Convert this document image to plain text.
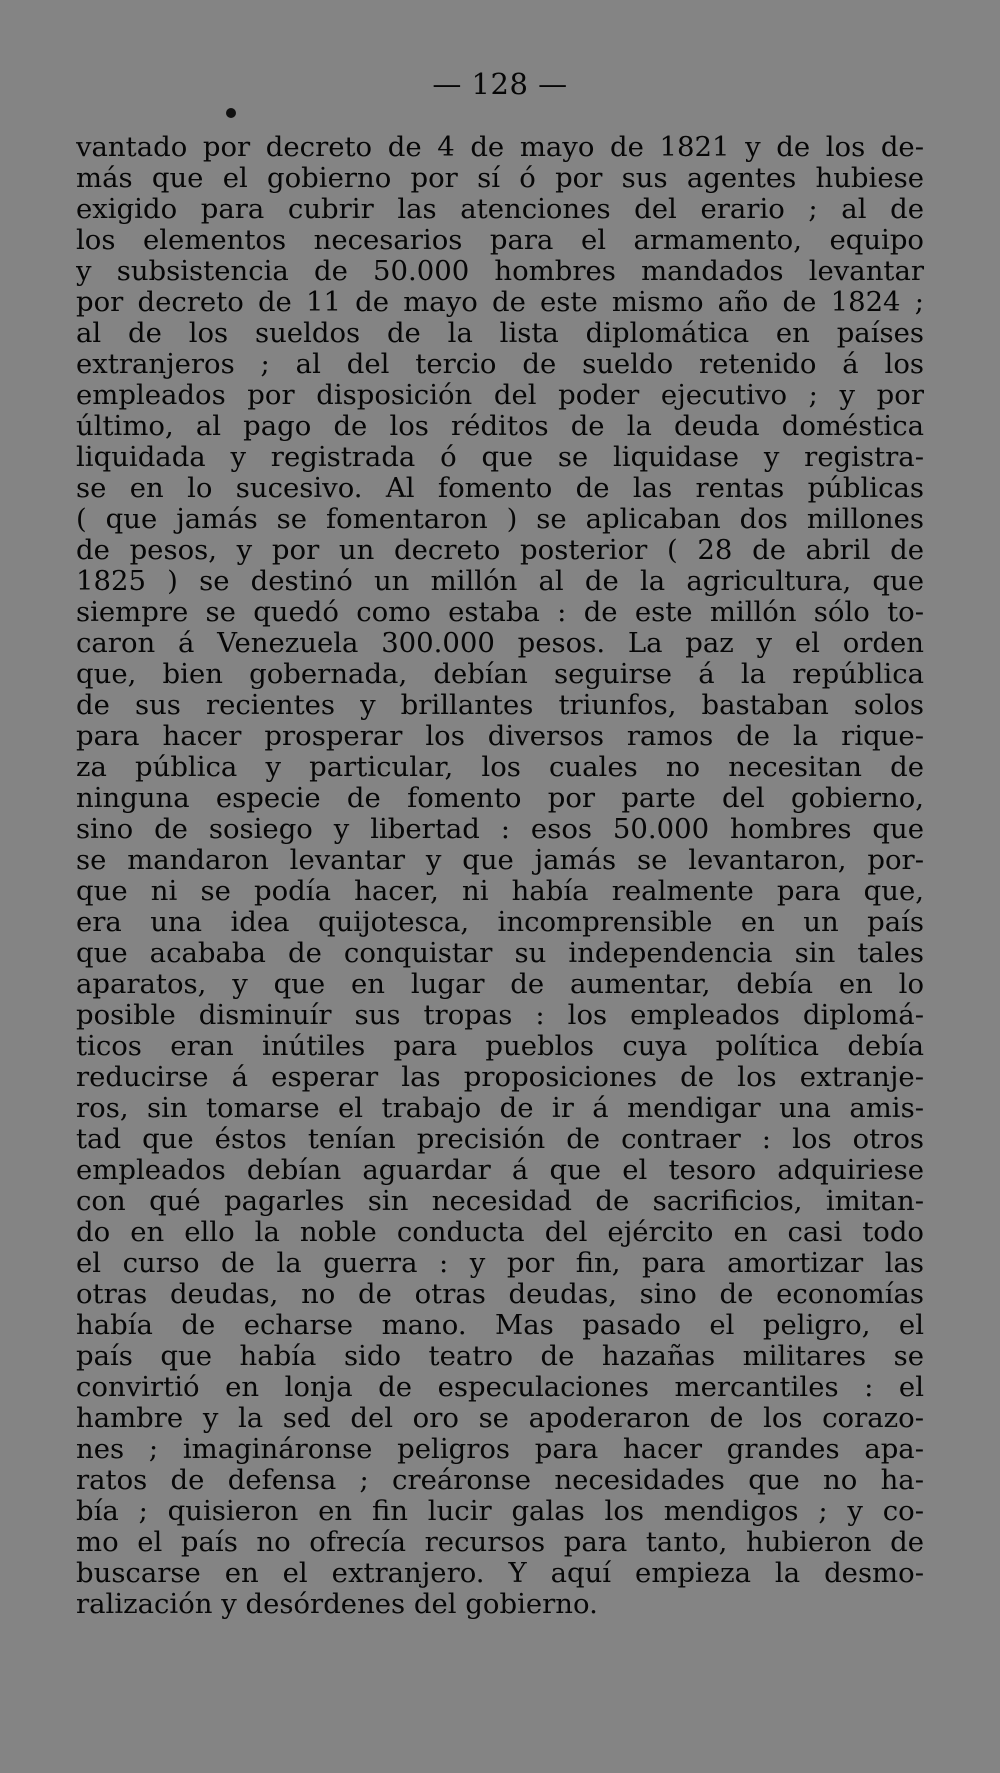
— 128 —
vantado por decreto de 4 de mayo de 1821 y de los de-
más que el gobierno por sí ó por sus agentes hubiese
exigido para cubrir las atenciones del erario ; al de
los elementos necesarios para el armamento, equipo
y subsistencia de 50.000 hombres mandados levantar
por decreto de 11 de mayo de este mismo año de 1824 ;
al de los sueldos de la lista diplomática en países
extranjeros ; al del tercio de sueldo retenido á los
empleados por disposición del poder ejecutivo ; y por
último, al pago de los réditos de la deuda doméstica
liquidada y registrada ó que se liquidase y registra-
se en lo sucesivo. Al fomento de las rentas públicas
( que jamás se fomentaron ) se aplicaban dos millones
de pesos, y por un decreto posterior ( 28 de abril de
1825 ) se destinó un millón al de la agricultura, que
siempre se quedó como estaba : de este millón sólo to-
caron á Venezuela 300.000 pesos. La paz y el orden
que, bien gobernada, debían seguirse á la república
de sus recientes y brillantes triunfos, bastaban solos
para hacer prosperar los diversos ramos de la rique-
za pública y particular, los cuales no necesitan de
ninguna especie de fomento por parte del gobierno,
sino de sosiego y libertad : esos 50.000 hombres que
se mandaron levantar y que jamás se levantaron, por-
que ni se podía hacer, ni había realmente para que,
era una idea quijotesca, incomprensible en un país
que acababa de conquistar su independencia sin tales
aparatos, y que en lugar de aumentar, debía en lo
posible disminuír sus tropas : los empleados diplomá-
ticos eran inútiles para pueblos cuya política debía
reducirse á esperar las proposiciones de los extranje-
ros, sin tomarse el trabajo de ir á mendigar una amis-
tad que éstos tenían precisión de contraer : los otros
empleados debían aguardar á que el tesoro adquiriese
con qué pagarles sin necesidad de sacrificios, imitan-
do en ello la noble conducta del ejército en casi todo
el curso de la guerra : y por fin, para amortizar las
otras deudas, no de otras deudas, sino de economías
había de echarse mano. Mas pasado el peligro, el
país que había sido teatro de hazañas militares se
convirtió en lonja de especulaciones mercantiles : el
hambre y la sed del oro se apoderaron de los corazo-
nes ; imagináronse peligros para hacer grandes apa-
ratos de defensa ; creáronse necesidades que no ha-
bía ; quisieron en fin lucir galas los mendigos ; y co-
mo el país no ofrecía recursos para tanto, hubieron de
buscarse en el extranjero. Y aquí empieza la desmo-
ralización y desórdenes del gobierno.
